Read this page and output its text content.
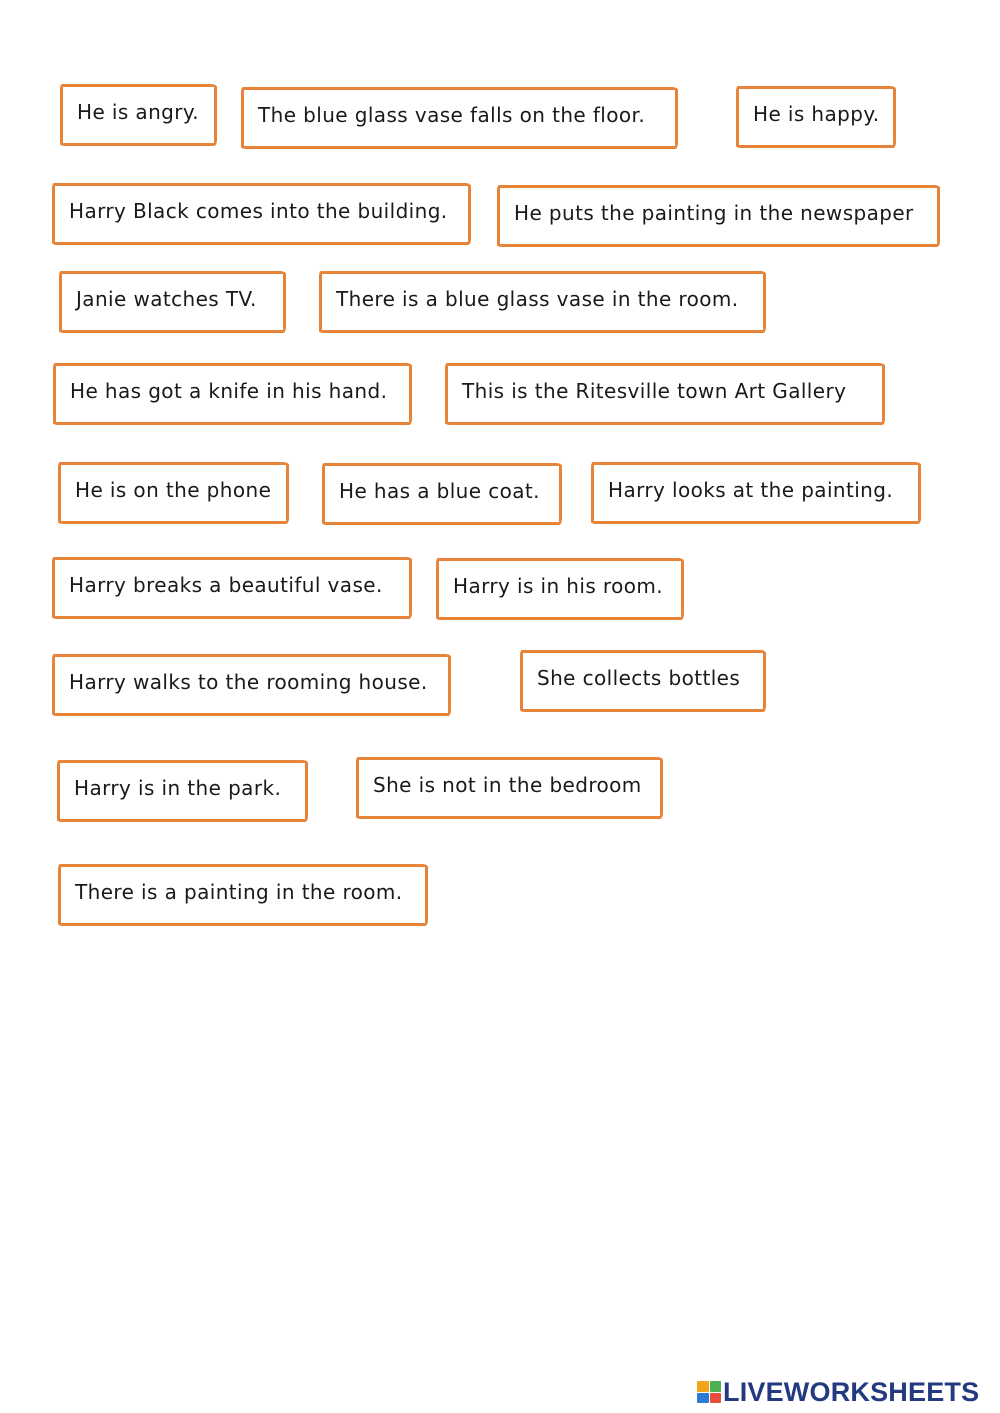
He is angry.	The blue glass vase falls on the floor.	He is happy.
Harry Black comes into the building.	He puts the painting in the newspaper
Janie watches TV.	There is a blue glass vase in the room.
He has got a knife in his hand.	This is the Ritesville town Art Gallery
He is on the phone	He has a blue coat.	Harry looks at the painting.
Harry breaks a beautiful vase.	Harry is in his room.
Harry walks to the rooming house.	She collects bottles
Harry is in the park.	She is not in the bedroom
There is a painting in the room.
LIVEWORKSHEETS
